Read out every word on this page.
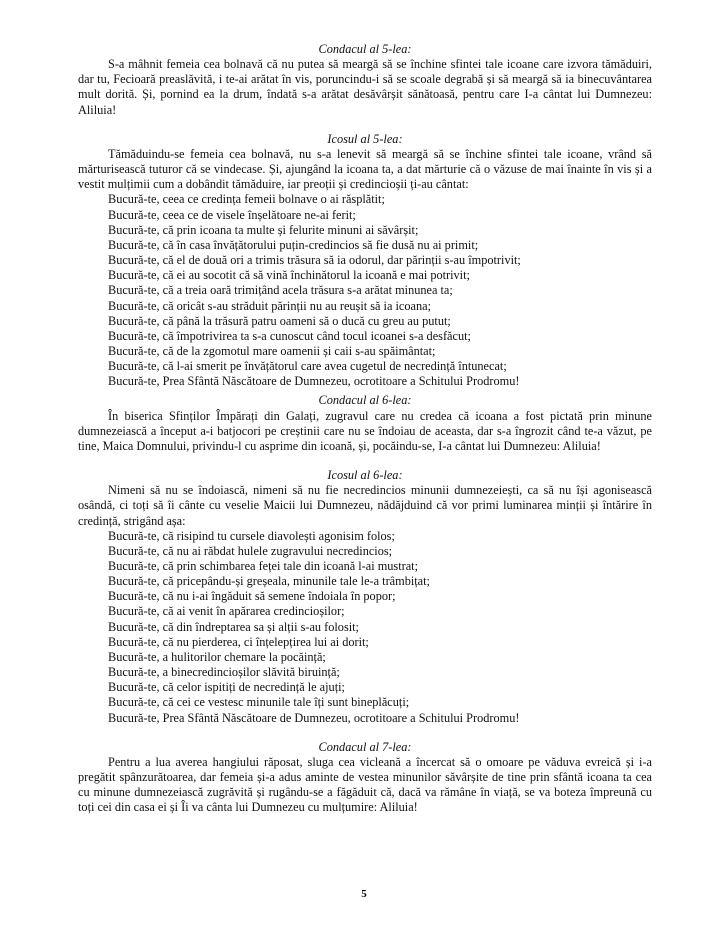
Condacul al 5-lea:

S-a mâhnit femeia cea bolnavă că nu putea să meargă să se închine sfintei tale icoane care izvora tămăduiri, dar tu, Fecioară preaslăvită, i te-ai arătat în vis, poruncindu-i să se scoale degrabă și să meargă să ia binecuvântarea mult dorită. Și, pornind ea la drum, îndată s-a arătat desăvârșit sănătoasă, pentru care I-a cântat lui Dumnezeu: Aliluia!

Icosul al 5-lea:

Tămăduindu-se femeia cea bolnavă, nu s-a lenevit să meargă să se închine sfintei tale icoane, vrând să mărturisească tuturor că se vindecase. Și, ajungând la icoana ta, a dat mărturie că o văzuse de mai înainte în vis și a vestit mulțimii cum a dobândit tămăduire, iar preoții și credincioșii ți-au cântat:

Bucură-te, ceea ce credința femeii bolnave o ai răsplătit;
Bucură-te, ceea ce de visele înșelătoare ne-ai ferit;
Bucură-te, că prin icoana ta multe și felurite minuni ai săvârșit;
Bucură-te, că în casa învățătorului puțin-credincios să fie dusă nu ai primit;
Bucură-te, că el de două ori a trimis trăsura să ia odorul, dar părinții s-au împotrivit;
Bucură-te, că ei au socotit că să vină închinătorul la icoană e mai potrivit;
Bucură-te, că a treia oară trimițând acela trăsura s-a arătat minunea ta;
Bucură-te, că oricât s-au străduit părinții nu au reușit să ia icoana;
Bucură-te, că până la trăsură patru oameni să o ducă cu greu au putut;
Bucură-te, că împotrivirea ta s-a cunoscut când tocul icoanei s-a desfăcut;
Bucură-te, că de la zgomotul mare oamenii și caii s-au spăimântat;
Bucură-te, că l-ai smerit pe învățătorul care avea cugetul de necredință întunecat;
Bucură-te, Prea Sfântă Născătoare de Dumnezeu, ocrotitoare a Schitului Prodromu!

Condacul al 6-lea:

În biserica Sfinților Împărați din Galați, zugravul care nu credea că icoana a fost pictată prin minune dumnezeiască a început a-i batjocori pe creștinii care nu se îndoiau de aceasta, dar s-a îngrozit când te-a văzut, pe tine, Maica Domnului, privindu-l cu asprime din icoană, și, pocăindu-se, I-a cântat lui Dumnezeu: Aliluia!

Icosul al 6-lea:

Nimeni să nu se îndoiască, nimeni să nu fie necredincios minunii dumnezeiești, ca să nu își agonisească osândă, ci toți să îi cânte cu veselie Maicii lui Dumnezeu, nădăjduind că vor primi luminarea minții și întărire în credință, strigând așa:

Bucură-te, că risipind tu cursele diavolești agonisim folos;
Bucură-te, că nu ai răbdat hulele zugravului necredincios;
Bucură-te, că prin schimbarea feței tale din icoană l-ai mustrat;
Bucură-te, că pricepându-și greșeala, minunile tale le-a trâmbițat;
Bucură-te, că nu i-ai îngăduit să semene îndoiala în popor;
Bucură-te, că ai venit în apărarea credincioșilor;
Bucură-te, că din îndreptarea sa și alții s-au folosit;
Bucură-te, că nu pierderea, ci înțelepțirea lui ai dorit;
Bucură-te, a hulitorilor chemare la pocăință;
Bucură-te, a binecredincioșilor slăvită biruință;
Bucură-te, că celor ispitiți de necredință le ajuți;
Bucură-te, că cei ce vestesc minunile tale îți sunt bineplăcuți;
Bucură-te, Prea Sfântă Născătoare de Dumnezeu, ocrotitoare a Schitului Prodromu!

Condacul al 7-lea:

Pentru a lua averea hangiului răposat, sluga cea vicleană a încercat să o omoare pe văduva evreică și i-a pregătit spânzurătoarea, dar femeia și-a adus aminte de vestea minunilor săvârșite de tine prin sfântă icoana ta cea cu minune dumnezeiască zugrăvită și rugându-se a făgăduit că, dacă va rămâne în viață, se va boteza împreună cu toți cei din casa ei și Îi va cânta lui Dumnezeu cu mulțumire: Aliluia!

5
